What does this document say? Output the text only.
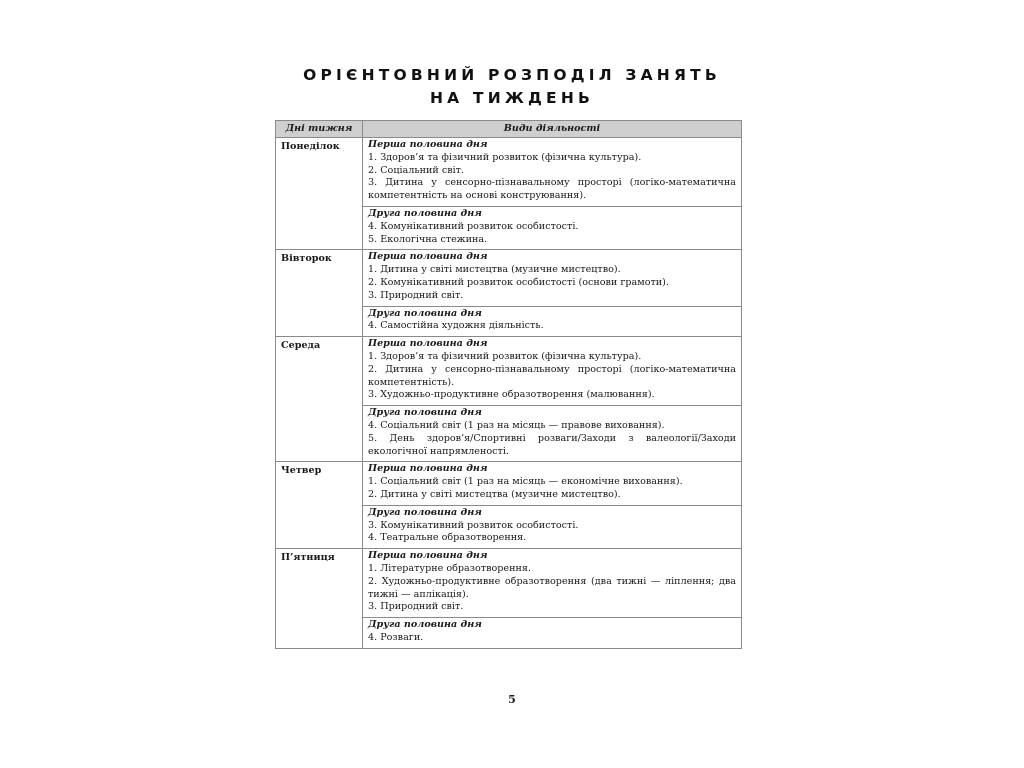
ОРІЄНТОВНИЙ РОЗПОДІЛ ЗАНЯТЬ
НА ТИЖДЕНЬ
Дні тижня	Види діяльності
Понеділок	Перша половина дня
1. Здоров’я та фізичний розвиток (фізична культура).
2. Соціальний світ.
3. Дитина у сенсорно-пізнавальному просторі (логіко-математична компетентність на основі конструювання).

	Друга половина дня
4. Комунікативний розвиток особистості.
5. Екологічна стежина.

Вівторок	Перша половина дня
1. Дитина у світі мистецтва (музичне мистецтво).
2. Комунікативний розвиток особистості (основи грамоти).
3. Природний світ.

	Друга половина дня
4. Самостійна художня діяльність.

Середа	Перша половина дня
1. Здоров’я та фізичний розвиток (фізична культура).
2. Дитина у сенсорно-пізнавальному просторі (логіко-математична компетентність).
3. Художньо-продуктивне образотворення (малювання).

	Друга половина дня
4. Соціальний світ (1 раз на місяць — правове виховання).
5. День здоров’я/Спортивні розваги/Заходи з валеології/Заходи екологічної напрямленості.

Четвер	Перша половина дня
1. Соціальний світ (1 раз на місяць — економічне виховання).
2. Дитина у світі мистецтва (музичне мистецтво).

	Друга половина дня
3. Комунікативний розвиток особистості.
4. Театральне образотворення.

П’ятниця	Перша половина дня
1. Літературне образотворення.
2. Художньо-продуктивне образотворення (два тижні — ліплення; два тижні — аплікація).
3. Природний світ.

	Друга половина дня
4. Розваги.
5
